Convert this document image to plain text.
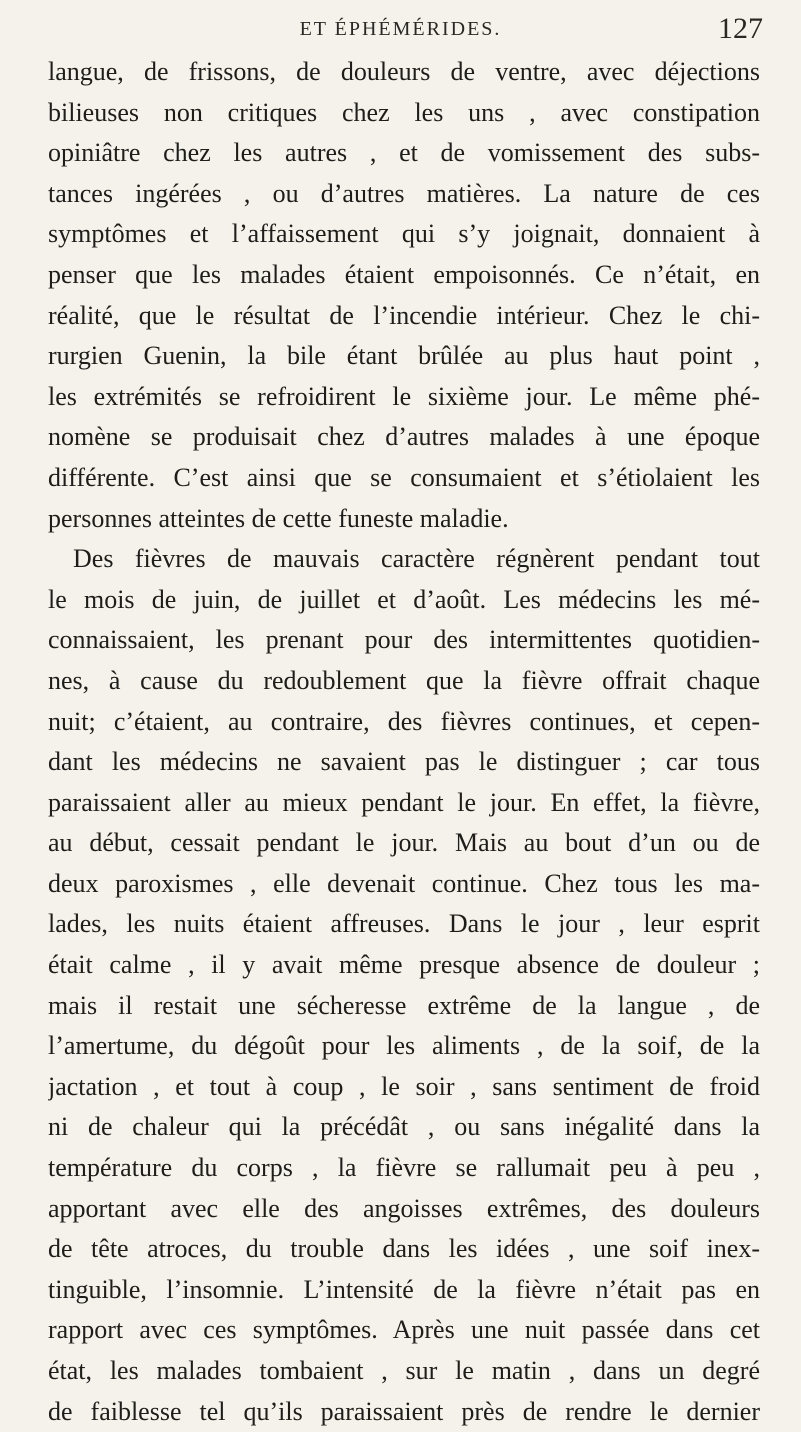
ET ÉPHÉMÉRIDES.	127
langue, de frissons, de douleurs de ventre, avec déjections
bilieuses non critiques chez les uns , avec constipation
opiniâtre chez les autres , et de vomissement des subs-
tances ingérées , ou d’autres matières. La nature de ces
symptômes et l’affaissement qui s’y joignait, donnaient à
penser que les malades étaient empoisonnés. Ce n’était, en
réalité, que le résultat de l’incendie intérieur. Chez le chi-
rurgien Guenin, la bile étant brûlée au plus haut point ,
les extrémités se refroidirent le sixième jour. Le même phé-
nomène se produisait chez d’autres malades à une époque
différente. C’est ainsi que se consumaient et s’étiolaient les
personnes atteintes de cette funeste maladie.
Des fièvres de mauvais caractère régnèrent pendant tout
le mois de juin, de juillet et d’août. Les médecins les mé-
connaissaient, les prenant pour des intermittentes quotidien-
nes, à cause du redoublement que la fièvre offrait chaque
nuit; c’étaient, au contraire, des fièvres continues, et cepen-
dant les médecins ne savaient pas le distinguer ; car tous
paraissaient aller au mieux pendant le jour. En effet, la fièvre,
au début, cessait pendant le jour. Mais au bout d’un ou de
deux paroxismes , elle devenait continue. Chez tous les ma-
lades, les nuits étaient affreuses. Dans le jour , leur esprit
était calme , il y avait même presque absence de douleur ;
mais il restait une sécheresse extrême de la langue , de
l’amertume, du dégoût pour les aliments , de la soif, de la
jactation , et tout à coup , le soir , sans sentiment de froid
ni de chaleur qui la précédât , ou sans inégalité dans la
température du corps , la fièvre se rallumait peu à peu ,
apportant avec elle des angoisses extrêmes, des douleurs
de tête atroces, du trouble dans les idées , une soif inex-
tinguible, l’insomnie. L’intensité de la fièvre n’était pas en
rapport avec ces symptômes. Après une nuit passée dans cet
état, les malades tombaient , sur le matin , dans un degré
de faiblesse tel qu’ils paraissaient près de rendre le dernier
